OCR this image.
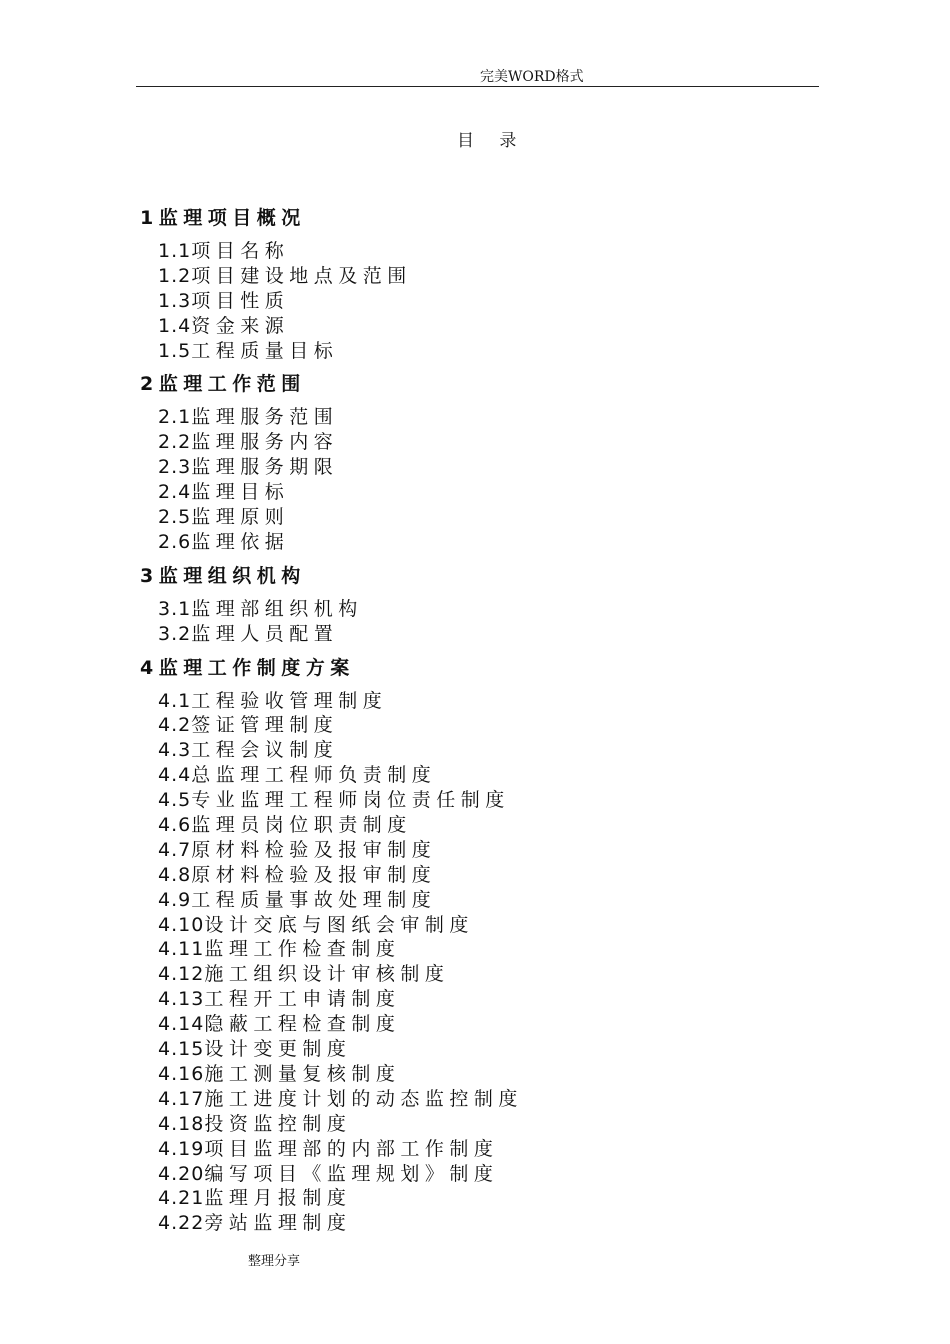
完美WORD格式
目 录
1监理项目概况
1.1项目名称
1.2项目建设地点及范围
1.3项目性质
1.4资金来源
1.5工程质量目标
2监理工作范围
2.1监理服务范围
2.2监理服务内容
2.3监理服务期限
2.4监理目标
2.5监理原则
2.6监理依据
3监理组织机构
3.1监理部组织机构
3.2监理人员配置
4监理工作制度方案
4.1工程验收管理制度
4.2签证管理制度
4.3工程会议制度
4.4总监理工程师负责制度
4.5专业监理工程师岗位责任制度
4.6监理员岗位职责制度
4.7原材料检验及报审制度
4.8原材料检验及报审制度
4.9工程质量事故处理制度
4.10设计交底与图纸会审制度
4.11监理工作检查制度
4.12施工组织设计审核制度
4.13工程开工申请制度
4.14隐蔽工程检查制度
4.15设计变更制度
4.16施工测量复核制度
4.17施工进度计划的动态监控制度
4.18投资监控制度
4.19项目监理部的内部工作制度
4.20编写项目《监理规划》制度
4.21监理月报制度
4.22旁站监理制度
整理分享
